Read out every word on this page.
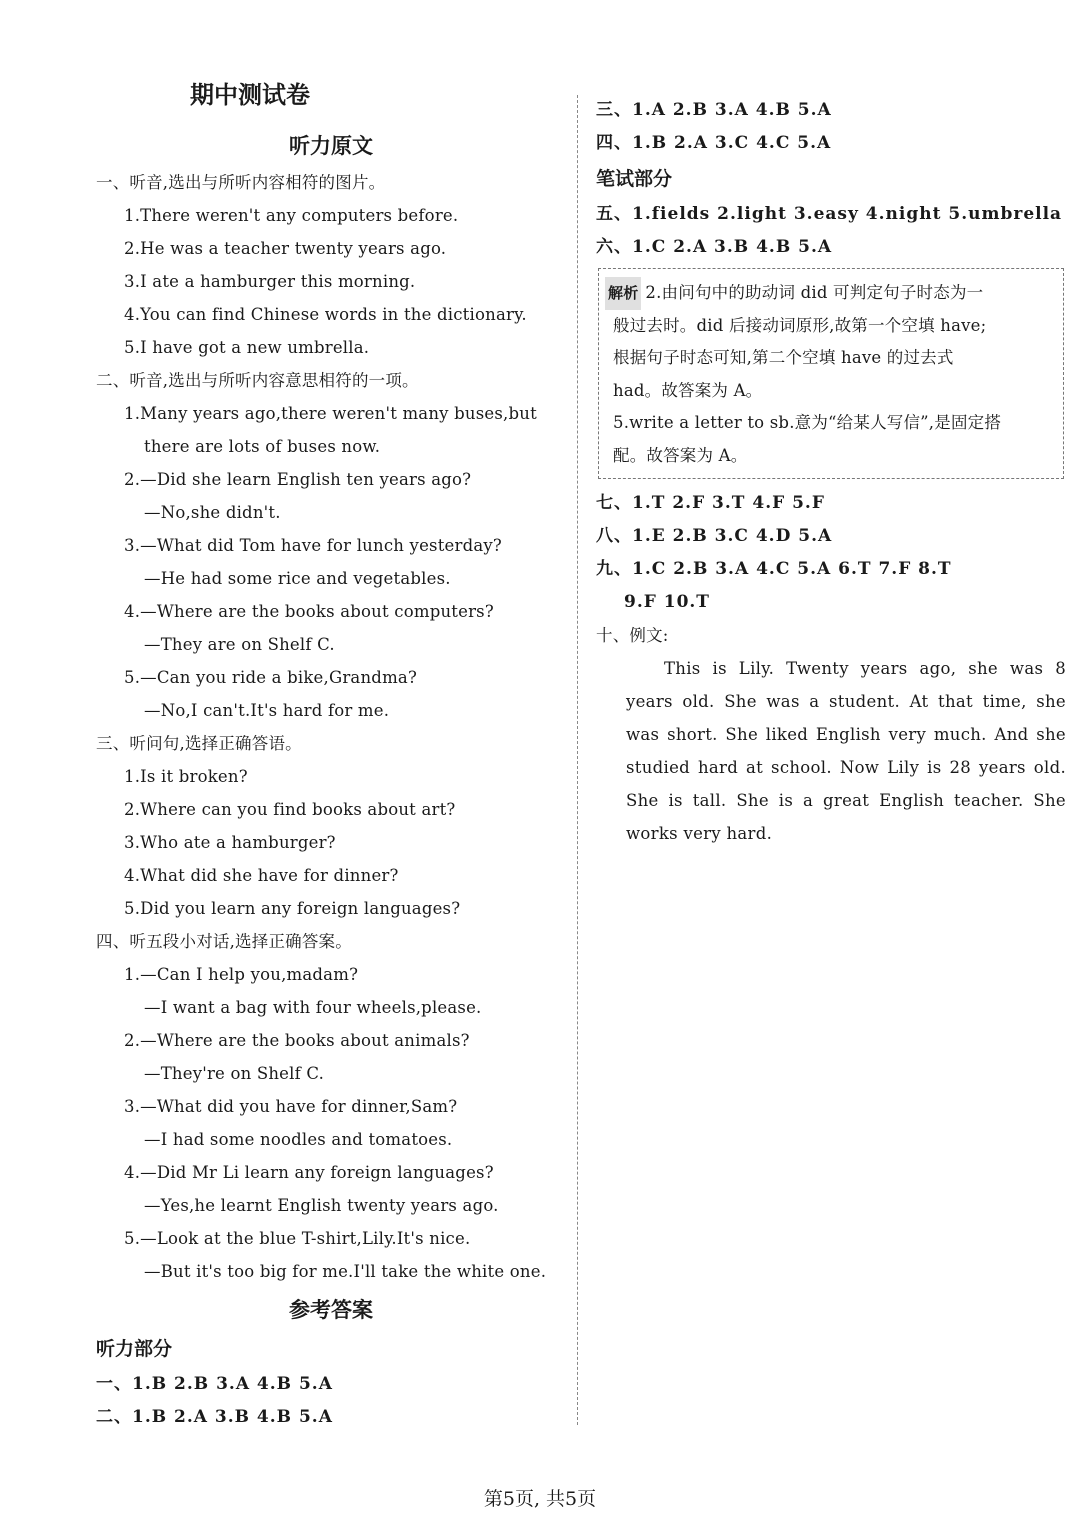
期中测试卷
听力原文
一、听音,选出与所听内容相符的图片。
1.There weren't any computers before.
2.He was a teacher twenty years ago.
3.I ate a hamburger this morning.
4.You can find Chinese words in the dictionary.
5.I have got a new umbrella.
二、听音,选出与所听内容意思相符的一项。
1.Many years ago,there weren't many buses,but
there are lots of buses now.
2.—Did she learn English ten years ago?
—No,she didn't.
3.—What did Tom have for lunch yesterday?
—He had some rice and vegetables.
4.—Where are the books about computers?
—They are on Shelf C.
5.—Can you ride a bike,Grandma?
—No,I can't.It's hard for me.
三、听问句,选择正确答语。
1.Is it broken?
2.Where can you find books about art?
3.Who ate a hamburger?
4.What did she have for dinner?
5.Did you learn any foreign languages?
四、听五段小对话,选择正确答案。
1.—Can I help you,madam?
—I want a bag with four wheels,please.
2.—Where are the books about animals?
—They're on Shelf C.
3.—What did you have for dinner,Sam?
—I had some noodles and tomatoes.
4.—Did Mr Li learn any foreign languages?
—Yes,he learnt English twenty years ago.
5.—Look at the blue T-shirt,Lily.It's nice.
—But it's too big for me.I'll take the white one.
参考答案
听力部分
一、1.B 2.B 3.A 4.B 5.A
二、1.B 2.A 3.B 4.B 5.A
三、1.A 2.B 3.A 4.B 5.A
四、1.B 2.A 3.C 4.C 5.A
笔试部分
五、1.fields 2.light 3.easy 4.night 5.umbrella
六、1.C 2.A 3.B 4.B 5.A
解析 2.由问句中的助动词 did 可判定句子时态为一
般过去时。did 后接动词原形,故第一个空填 have;
根据句子时态可知,第二个空填 have 的过去式
had。故答案为 A。
5.write a letter to sb.意为“给某人写信”,是固定搭
配。故答案为 A。
七、1.T 2.F 3.T 4.F 5.F
八、1.E 2.B 3.C 4.D 5.A
九、1.C 2.B 3.A 4.C 5.A 6.T 7.F 8.T
9.F 10.T
十、例文:
This is Lily. Twenty years ago, she was 8 years old. She was a student. At that time, she was short. She liked English very much. And she studied hard at school. Now Lily is 28 years old. She is tall. She is a great English teacher. She works very hard.
第5页, 共5页
